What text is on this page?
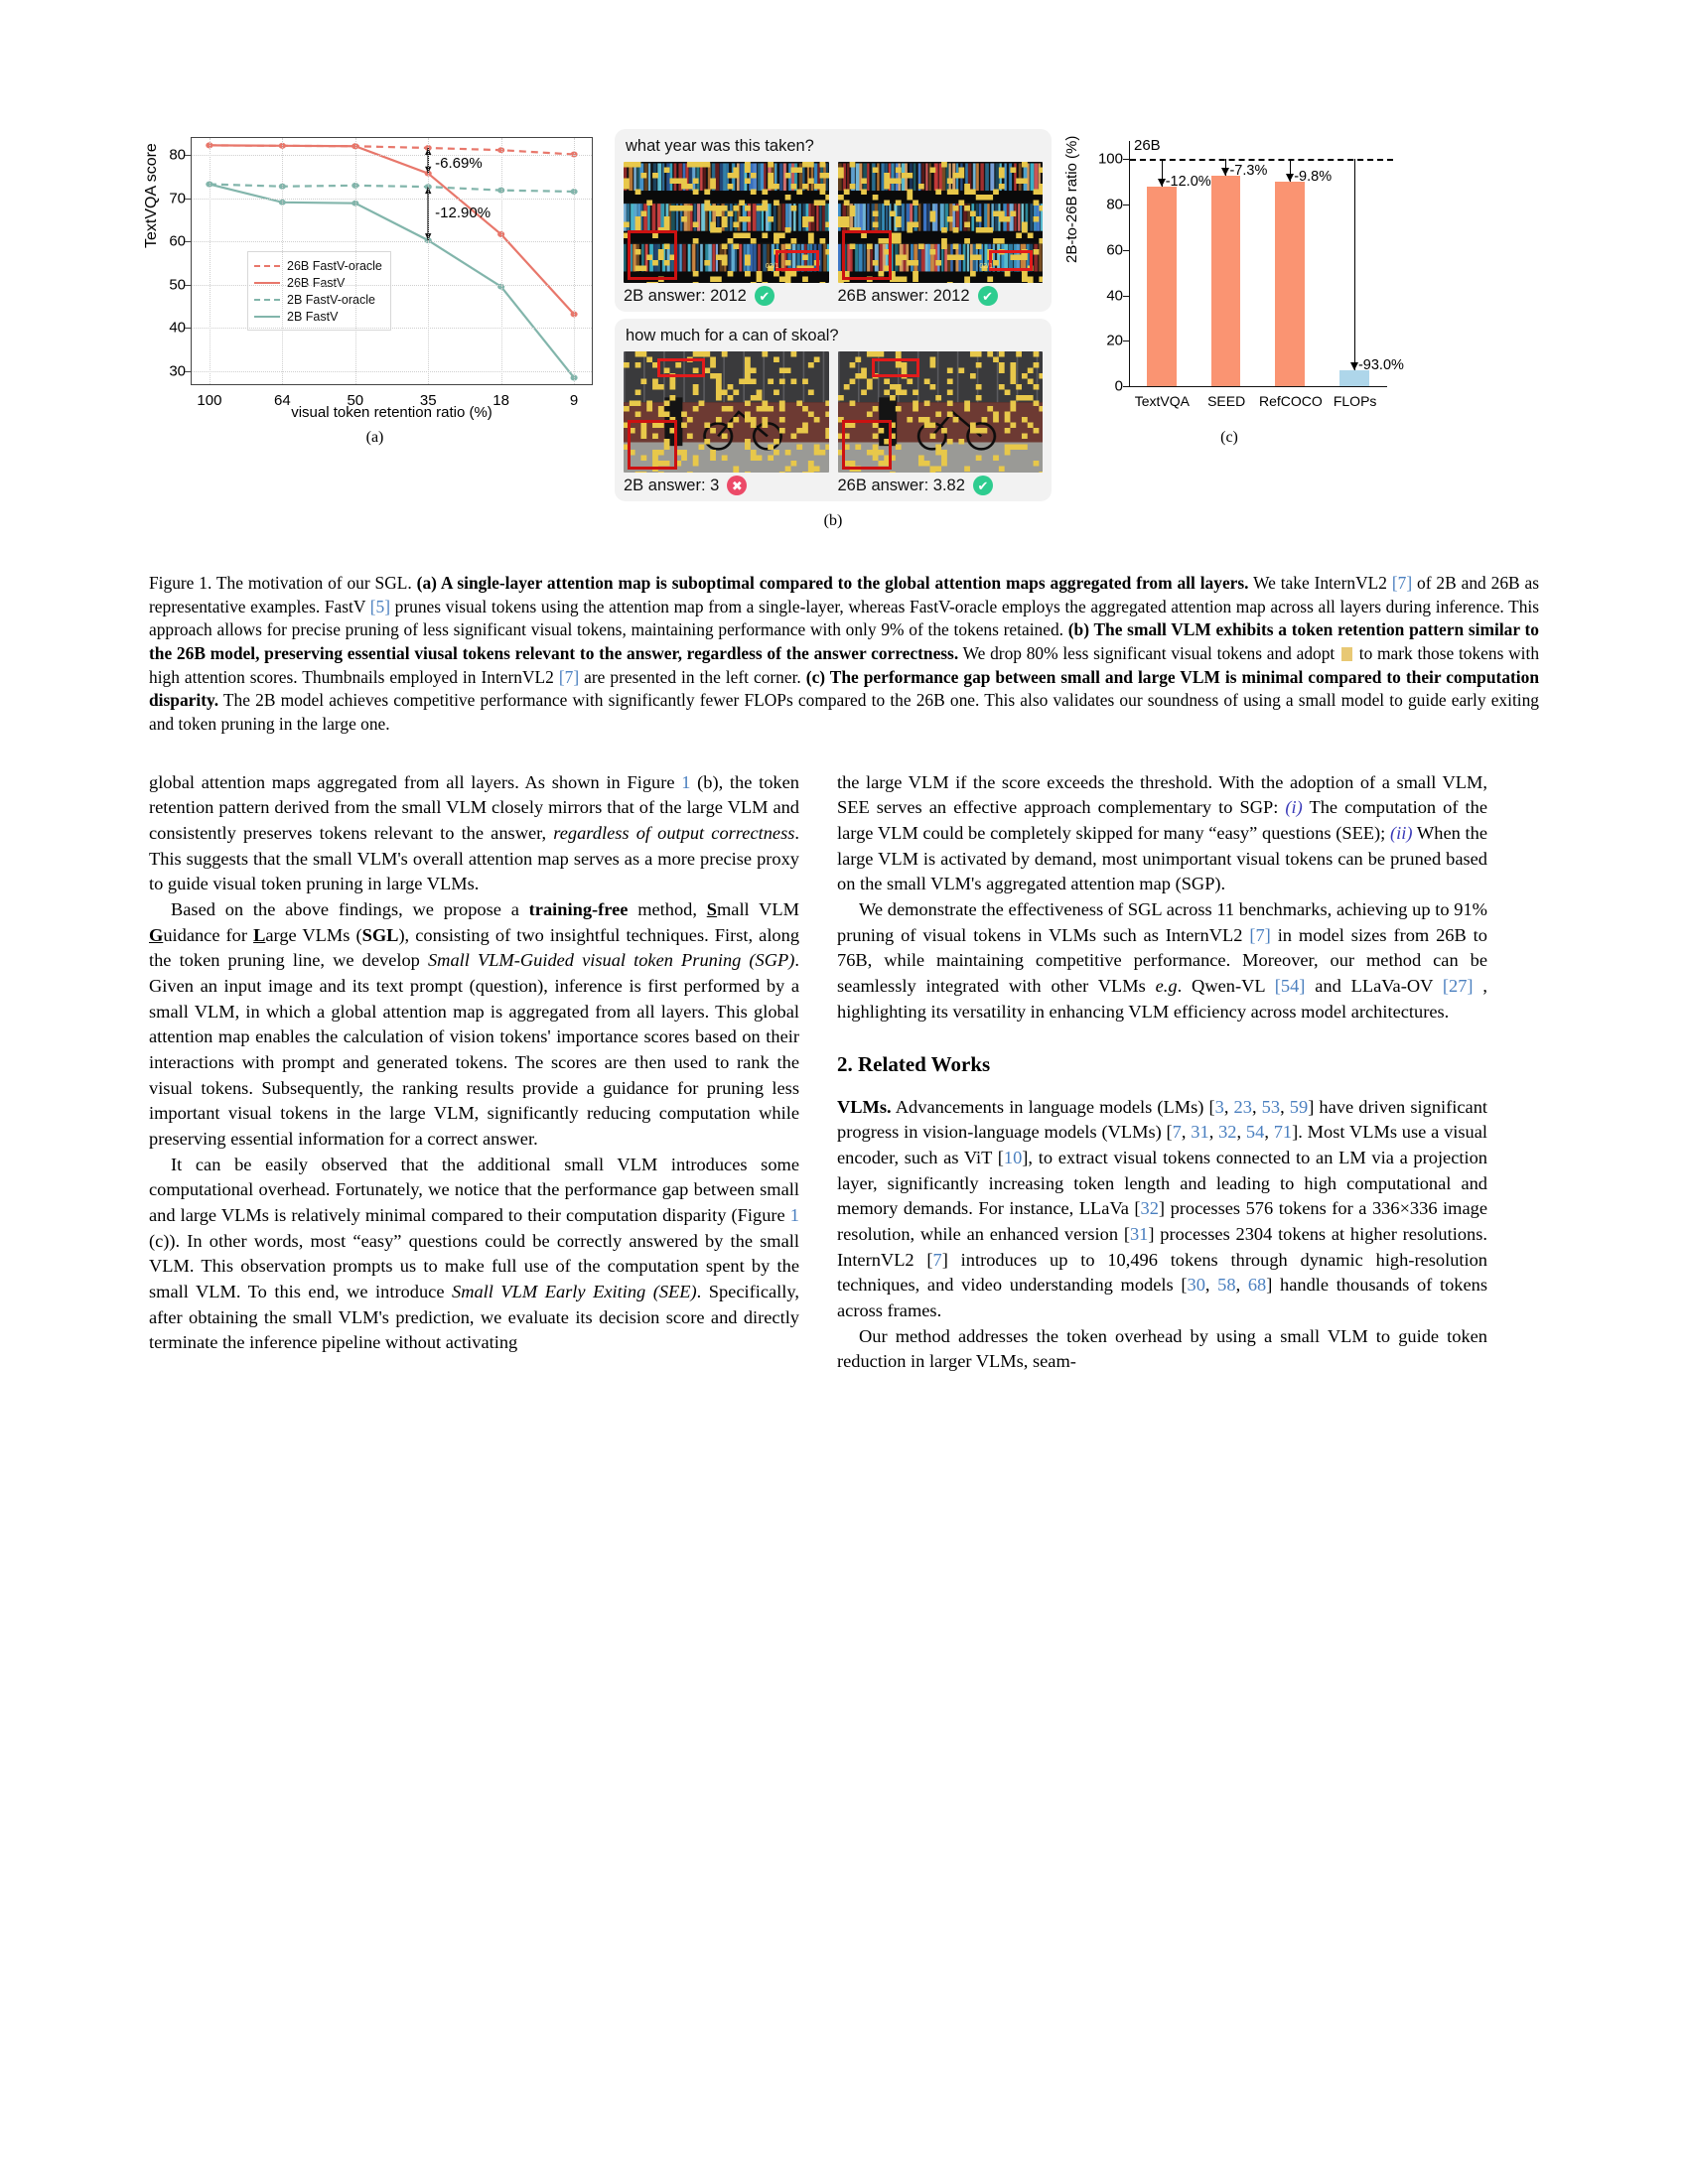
TextVQA score
26B FastV-oracle
26B FastV
2B FastV-oracle
2B FastV
-6.69%
-12.90%
30
40
50
60
70
80
100	64	50	35	18	9
visual token retention ratio (%)
(a)
what year was this taken?
02/1	02/1
2B answer: 2012 ✔	26B answer: 2012 ✔
how much for a can of skoal?
2B answer: 3 ✖	26B answer: 3.82 ✔
(b)
2B-to-26B ratio (%)
0
20
40
60
80
100
26B
TextVQA
-12.0%
SEED
-7.3%
RefCOCO
-9.8%
FLOPs
-93.0%
(c)
Figure 1. The motivation of our SGL. (a) A single-layer attention map is suboptimal compared to the global attention maps aggregated from all layers. We take InternVL2 [7] of 2B and 26B as representative examples. FastV [5] prunes visual tokens using the attention map from a single-layer, whereas FastV-oracle employs the aggregated attention map across all layers during inference. This approach allows for precise pruning of less significant visual tokens, maintaining performance with only 9% of the tokens retained. (b) The small VLM exhibits a token retention pattern similar to the 26B model, preserving essential viusal tokens relevant to the answer, regardless of the answer correctness. We drop 80% less significant visual tokens and adopt  to mark those tokens with high attention scores. Thumbnails employed in InternVL2 [7] are presented in the left corner. (c) The performance gap between small and large VLM is minimal compared to their computation disparity. The 2B model achieves competitive performance with significantly fewer FLOPs compared to the 26B one. This also validates our soundness of using a small model to guide early exiting and token pruning in the large one.

global attention maps aggregated from all layers. As shown in Figure 1 (b), the token retention pattern derived from the small VLM closely mirrors that of the large VLM and consistently preserves tokens relevant to the answer, regardless of output correctness. This suggests that the small VLM's overall attention map serves as a more precise proxy to guide visual token pruning in large VLMs.

Based on the above findings, we propose a training-free method, Small VLM Guidance for Large VLMs (SGL), consisting of two insightful techniques. First, along the token pruning line, we develop Small VLM-Guided visual token Pruning (SGP). Given an input image and its text prompt (question), inference is first performed by a small VLM, in which a global attention map is aggregated from all layers. This global attention map enables the calculation of vision tokens' importance scores based on their interactions with prompt and generated tokens. The scores are then used to rank the visual tokens. Subsequently, the ranking results provide a guidance for pruning less important visual tokens in the large VLM, significantly reducing computation while preserving essential information for a correct answer.

It can be easily observed that the additional small VLM introduces some computational overhead. Fortunately, we notice that the performance gap between small and large VLMs is relatively minimal compared to their computation disparity (Figure 1 (c)). In other words, most “easy” questions could be correctly answered by the small VLM. This observation prompts us to make full use of the computation spent by the small VLM. To this end, we introduce Small VLM Early Exiting (SEE). Specifically, after obtaining the small VLM's prediction, we evaluate its decision score and directly terminate the inference pipeline without activating

the large VLM if the score exceeds the threshold. With the adoption of a small VLM, SEE serves an effective approach complementary to SGP: (i) The computation of the large VLM could be completely skipped for many “easy” questions (SEE); (ii) When the large VLM is activated by demand, most unimportant visual tokens can be pruned based on the small VLM's aggregated attention map (SGP).

We demonstrate the effectiveness of SGL across 11 benchmarks, achieving up to 91% pruning of visual tokens in VLMs such as InternVL2 [7] in model sizes from 26B to 76B, while maintaining competitive performance. Moreover, our method can be seamlessly integrated with other VLMs e.g. Qwen-VL [54] and LLaVa-OV [27] , highlighting its versatility in enhancing VLM efficiency across model architectures.

2. Related Works

VLMs. Advancements in language models (LMs) [3, 23, 53, 59] have driven significant progress in vision-language models (VLMs) [7, 31, 32, 54, 71]. Most VLMs use a visual encoder, such as ViT [10], to extract visual tokens connected to an LM via a projection layer, significantly increasing token length and leading to high computational and memory demands. For instance, LLaVa [32] processes 576 tokens for a 336×336 image resolution, while an enhanced version [31] processes 2304 tokens at higher resolutions. InternVL2 [7] introduces up to 10,496 tokens through dynamic high-resolution techniques, and video understanding models [30, 58, 68] handle thousands of tokens across frames.

Our method addresses the token overhead by using a small VLM to guide token reduction in larger VLMs, seam-
